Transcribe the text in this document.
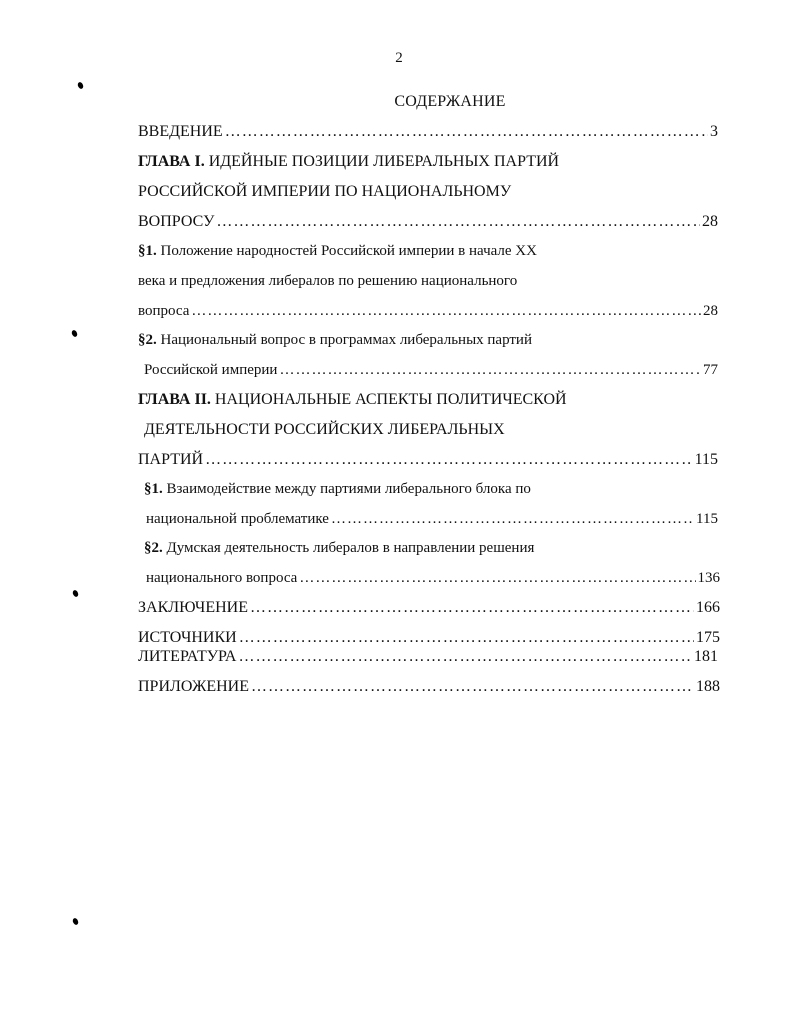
2
СОДЕРЖАНИЕ
ВВЕДЕНИЕ …………………………………………………………………………………………………………………………………………………………………………………………	3
ГЛАВА I. ИДЕЙНЫЕ ПОЗИЦИИ ЛИБЕРАЛЬНЫХ ПАРТИЙ
РОССИЙСКОЙ ИМПЕРИИ ПО НАЦИОНАЛЬНОМУ
ВОПРОСУ …………………………………………………………………………………………………………………………………………………………………………………………	28
§1. Положение народностей Российской империи в начале XX
века и предложения либералов по решению национального
вопроса …………………………………………………………………………………………………………………………………………………………………………………………	28
§2. Национальный вопрос в программах либеральных партий
Российской империи …………………………………………………………………………………………………………………………………………………………………………………………	77
ГЛАВА II. НАЦИОНАЛЬНЫЕ АСПЕКТЫ ПОЛИТИЧЕСКОЙ
ДЕЯТЕЛЬНОСТИ РОССИЙСКИХ ЛИБЕРАЛЬНЫХ
ПАРТИЙ …………………………………………………………………………………………………………………………………………………………………………………………	115
§1. Взаимодействие между партиями либерального блока по
национальной проблематике …………………………………………………………………………………………………………………………………………………………………………………………	115
§2. Думская деятельность либералов в направлении решения
национального вопроса …………………………………………………………………………………………………………………………………………………………………………………………	136
ЗАКЛЮЧЕНИЕ …………………………………………………………………………………………………………………………………………………………………………………………	166
ИСТОЧНИКИ …………………………………………………………………………………………………………………………………………………………………………………………	175
ЛИТЕРАТУРА …………………………………………………………………………………………………………………………………………………………………………………………	181
ПРИЛОЖЕНИЕ …………………………………………………………………………………………………………………………………………………………………………………………	188
